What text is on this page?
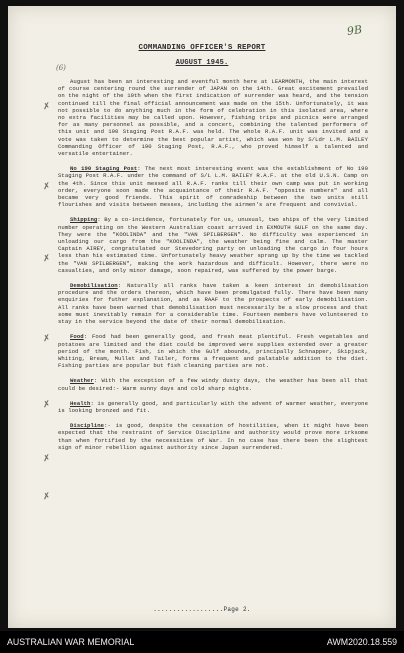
9B
(6)
COMMANDING OFFICER'S REPORT
AUGUST 1945.
✗
✗
✗
✗
✗
✗
✗

August has been an interesting and eventful month here at LEARMONTH, the main interest of course centering round the surrender of JAPAN on the 14th. Great excitement prevailed on the night of the 10th when the first indication of surrender was heard, and the tension continued till the final official announcement was made on the 15th. Unfortunately, it was not possible to do anything much in the form of celebration in this isolated area, where no extra facilities may be called upon. However, fishing trips and picnics were arranged for as many personnel as possible, and a concert, combining the talented performers of this unit and 190 Staging Post R.A.F. was held. The whole R.A.F. unit was invited and a vote was taken to determine the best popular artist, which was won by S/Ldr L.M. BAILEY Commanding Officer of 190 Staging Post, R.A.F., who proved himself a talented and versatile entertainer.

No 190 Staging Post: The next most interesting event was the establishment of No 190 Staging Post R.A.F. under the command of S/L L.M. BAILEY R.A.F. at the old U.S.N. Camp on the 4th. Since this unit messed all R.A.F. ranks till their own camp was put in working order, everyone soon made the acquaintance of their R.A.F. "opposite numbers" and all became very good friends. This spirit of comradeship between the two units still flourishes and visits between messes, including the airmen's are frequent and convivial.

Shipping: By a co-incidence, fortunately for us, unusual, two ships of the very limited number operating on the Western Australian coast arrived in EXMOUTH GULF on the same day. They were the "KOOLINDA" and the "VAN SPILBERGEN". No difficulty was experienced in unloading our cargo from the "KOOLINDA", the weather being fine and calm. The master Captain AIREY, congratulated our Stevedoring party on unloading the cargo in four hours less than his estimated time. Unfortunately heavy weather sprang up by the time we tackled the "VAN SPILBERGEN", making the work hazardous and difficult. However, there were no casualties, and only minor damage, soon repaired, was suffered by the power barge.

Demobilisation: Naturally all ranks have taken a keen interest in demobilisation procedure and the orders thereon, which have been promulgated fully. There have been many enquiries for futher explanation, and as RAAF to the prospects of early demobilisation. All ranks have been warned that demobilisation must necessarily be a slow process and that some must inevitably remain for a considerable time. Fourteen members have volunteered to stay in the service beyond the date of their normal demobilisation.

Food: Food had been generally good, and fresh meat plentiful. Fresh vegetables and potatoes are limited and the diet could be improved were supplies extended over a greater period of the month. Fish, in which the Gulf abounds, principally Schnapper, Skipjack, Whiting, Bream, Mullet and Tailer, forms a frequent and palatable addition to the diet. Fishing parties are popular but fish cleaning parties are not.

Weather: With the exception of a few windy dusty days, the weather has been all that could be desired:- Warm sunny days and cold sharp nights.

Health: is generally good, and particularly with the advent of warmer weather, everyone is looking bronzed and fit.

Discipline:- is good, despite the cessation of hostilities, when it might have been expected that the restraint of Service Discipline and authority would prove more irksome than when fortified by the necessities of War. In no case has there been the slightest sign of minor rebellion against authority since Japan surrendered.

..................Page 2.
AUSTRALIAN WAR MEMORIAL	AWM2020.18.559
